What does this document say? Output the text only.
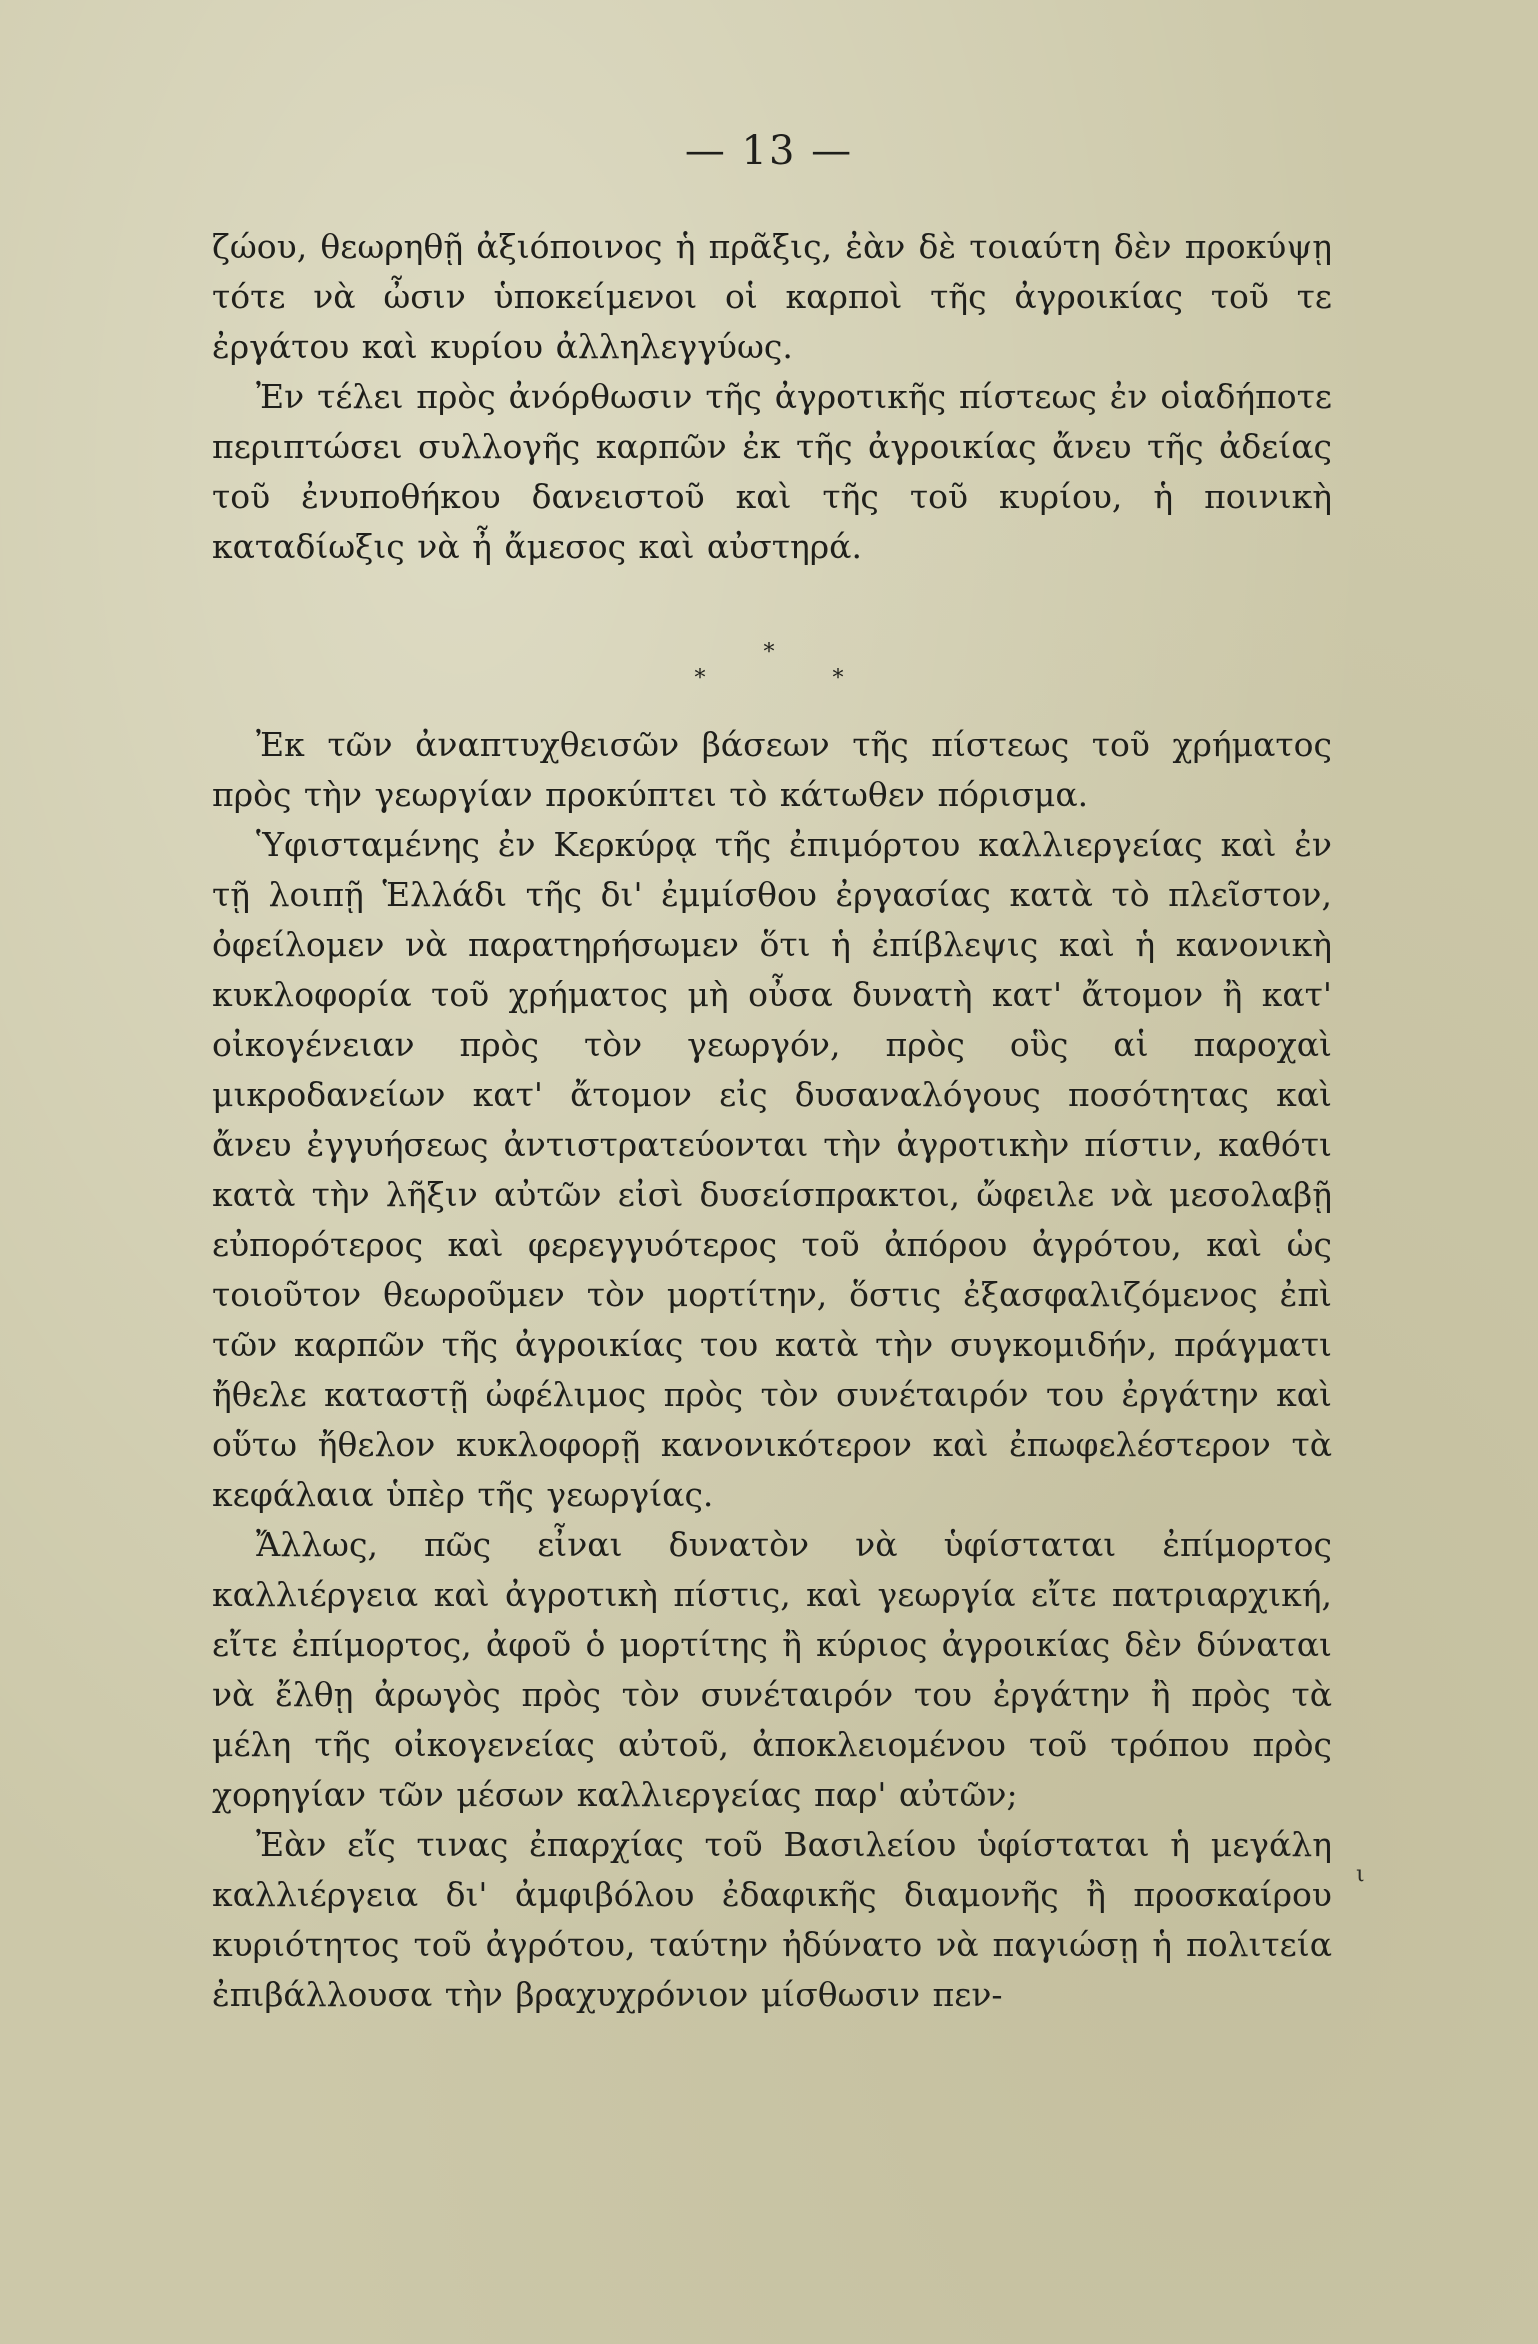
— 13 —

ζώου, θεωρηθῇ ἀξιόποινος ἡ πρᾶξις, ἐὰν δὲ τοιαύτη δὲν προκύψῃ τότε νὰ ὦσιν ὑποκείμενοι οἱ καρποὶ τῆς ἀγροικίας τοῦ τε ἐργάτου καὶ κυρίου ἀλληλεγγύως.

Ἐν τέλει πρὸς ἀνόρθωσιν τῆς ἀγροτικῆς πίστεως ἐν οἱαδήποτε περιπτώσει συλλογῆς καρπῶν ἐκ τῆς ἀγροικίας ἄνευ τῆς ἀδείας τοῦ ἐνυποθήκου δανειστοῦ καὶ τῆς τοῦ κυρίου, ἡ ποινικὴ καταδίωξις νὰ ἦ ἄμεσος καὶ αὐστηρά.

*
* *

Ἐκ τῶν ἀναπτυχθεισῶν βάσεων τῆς πίστεως τοῦ χρήματος πρὸς τὴν γεωργίαν προκύπτει τὸ κάτωθεν πόρισμα.

Ὑφισταμένης ἐν Κερκύρᾳ τῆς ἐπιμόρτου καλλιεργείας καὶ ἐν τῇ λοιπῇ Ἑλλάδι τῆς δι' ἐμμίσθου ἐργασίας κατὰ τὸ πλεῖστον, ὀφείλομεν νὰ παρατηρήσωμεν ὅτι ἡ ἐπίβλεψις καὶ ἡ κανονικὴ κυκλοφορία τοῦ χρήματος μὴ οὖσα δυνατὴ κατ' ἄτομον ἢ κατ' οἰκογένειαν πρὸς τὸν γεωργόν, πρὸς οὓς αἱ παροχαὶ μικροδανείων κατ' ἄτομον εἰς δυσαναλόγους ποσότητας καὶ ἄνευ ἐγγυήσεως ἀντιστρατεύονται τὴν ἀγροτικὴν πίστιν, καθότι κατὰ τὴν λῆξιν αὐτῶν εἰσὶ δυσείσπρακτοι, ὤφειλε νὰ μεσολαβῇ εὐπορότερος καὶ φερεγγυότερος τοῦ ἀπόρου ἀγρότου, καὶ ὡς τοιοῦτον θεωροῦμεν τὸν μορτίτην, ὅστις ἐξασφαλιζόμενος ἐπὶ τῶν καρπῶν τῆς ἀγροικίας του κατὰ τὴν συγκομιδήν, πράγματι ἤθελε καταστῇ ὠφέλιμος πρὸς τὸν συνέταιρόν του ἐργάτην καὶ οὕτω ἤθελον κυκλοφορῇ κανονικότερον καὶ ἐπωφελέστερον τὰ κεφάλαια ὑπὲρ τῆς γεωργίας.

Ἄλλως, πῶς εἶναι δυνατὸν νὰ ὑφίσταται ἐπίμορτος καλλιέργεια καὶ ἀγροτικὴ πίστις, καὶ γεωργία εἴτε πατριαρχική, εἴτε ἐπίμορτος, ἀφοῦ ὁ μορτίτης ἢ κύριος ἀγροικίας δὲν δύναται νὰ ἔλθῃ ἀρωγὸς πρὸς τὸν συνέταιρόν του ἐργάτην ἢ πρὸς τὰ μέλη τῆς οἰκογενείας αὐτοῦ, ἀποκλειομένου τοῦ τρόπου πρὸς χορηγίαν τῶν μέσων καλλιεργείας παρ' αὐτῶν;

Ἐὰν εἴς τινας ἐπαρχίας τοῦ Βασιλείου ὑφίσταται ἡ μεγάλη καλλιέργεια δι' ἀμφιβόλου ἐδαφικῆς διαμονῆς ἢ προσκαίρου κυριότητος τοῦ ἀγρότου, ταύτην ἠδύνατο νὰ παγιώσῃ ἡ πολιτεία ἐπιβάλλουσα τὴν βραχυχρόνιον μίσθωσιν πεν-

ι
